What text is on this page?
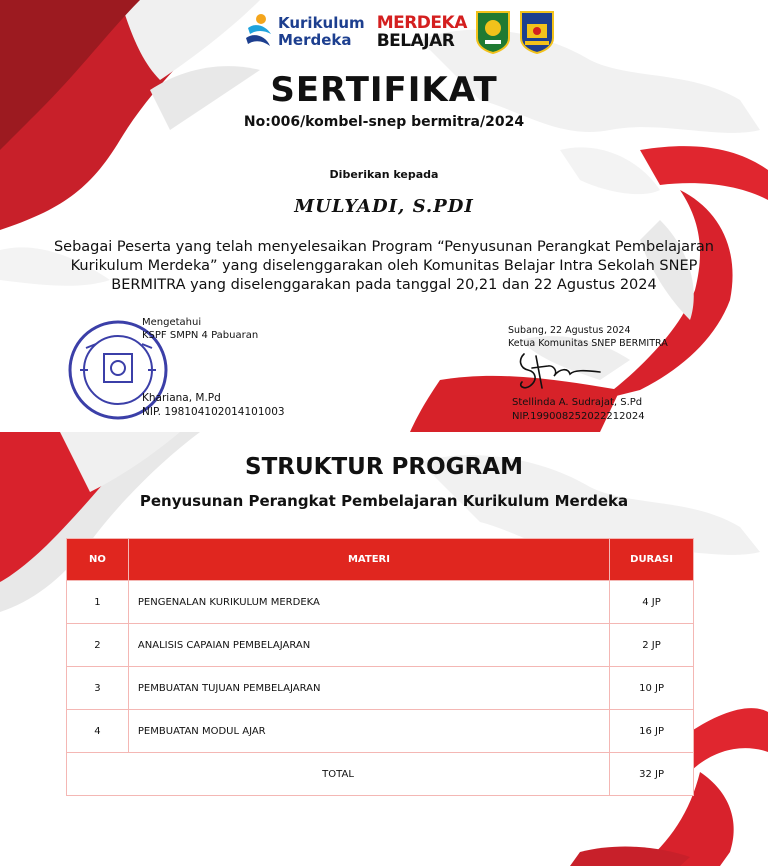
Kurikulum
Merdeka
MERDEKA
BELAJAR
SERTIFIKAT
No:006/kombel-snep bermitra/2024
Diberikan kepada
MULYADI, S.PDI
Sebagai Peserta yang telah menyelesaikan Program “Penyusunan Perangkat Pembelajaran
Kurikulum Merdeka” yang diselenggarakan oleh Komunitas Belajar Intra Sekolah SNEP
BERMITRA yang diselenggarakan pada tanggal 20,21 dan 22 Agustus 2024
Mengetahui
KSPF SMPN 4 Pabuaran
Khariana, M.Pd
NIP. 198104102014101003
Subang, 22 Agustus 2024
Ketua Komunitas SNEP BERMITRA
Stellinda A. Sudrajat, S.Pd
NIP.199008252022212024
STRUKTUR PROGRAM
Penyusunan Perangkat Pembelajaran Kurikulum Merdeka
NO	MATERI	DURASI
1	PENGENALAN KURIKULUM MERDEKA	4 JP
2	ANALISIS CAPAIAN PEMBELAJARAN	2 JP
3	PEMBUATAN TUJUAN PEMBELAJARAN	10 JP
4	PEMBUATAN MODUL AJAR	16 JP
TOTAL		32 JP
